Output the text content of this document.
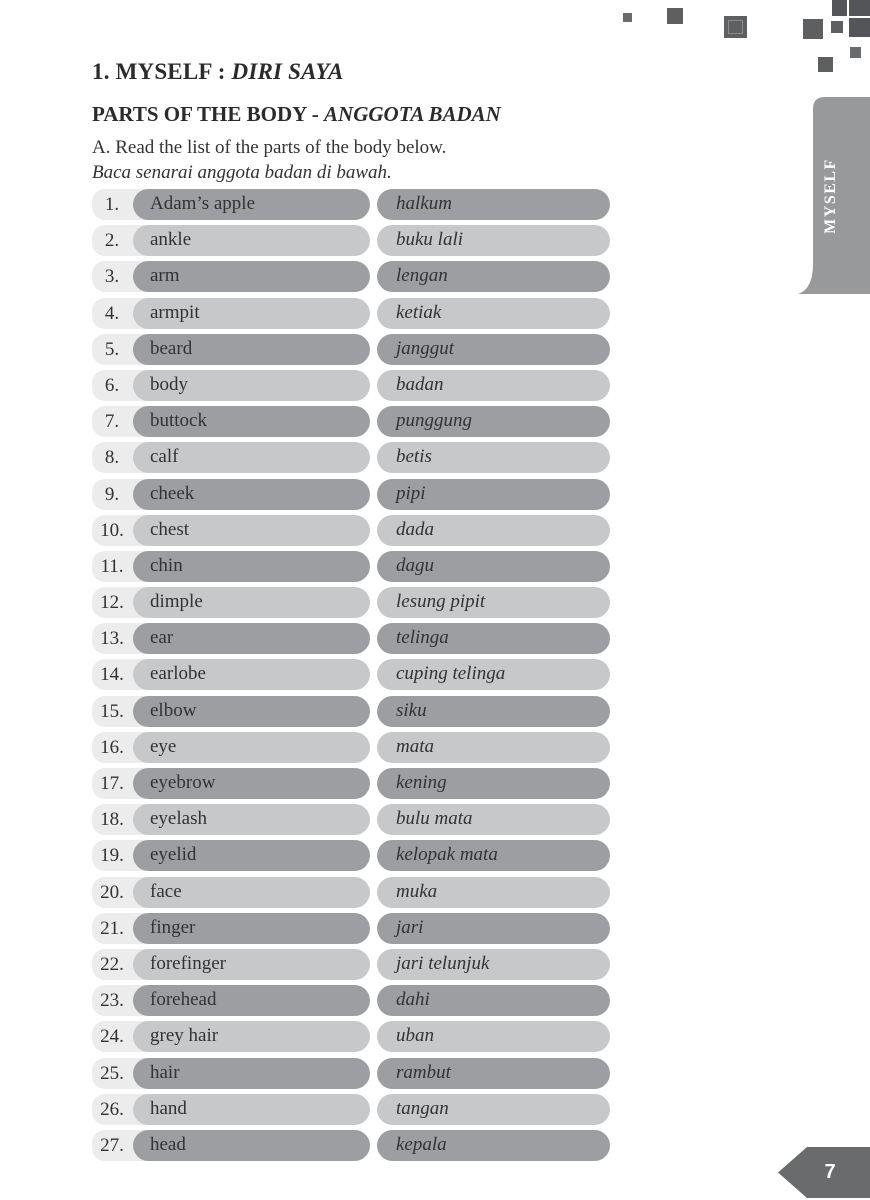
1. MYSELF : DIRI SAYA
PARTS OF THE BODY - ANGGOTA BADAN

A. Read the list of the parts of the body below.

Baca senarai anggota badan di bawah.

1.	Adam’s apple	halkum
2.	ankle	buku lali
3.	arm	lengan
4.	armpit	ketiak
5.	beard	janggut
6.	body	badan
7.	buttock	punggung
8.	calf	betis
9.	cheek	pipi
10.	chest	dada
11.	chin	dagu
12.	dimple	lesung pipit
13.	ear	telinga
14.	earlobe	cuping telinga
15.	elbow	siku
16.	eye	mata
17.	eyebrow	kening
18.	eyelash	bulu mata
19.	eyelid	kelopak mata
20.	face	muka
21.	finger	jari
22.	forefinger	jari telunjuk
23.	forehead	dahi
24.	grey hair	uban
25.	hair	rambut
26.	hand	tangan
27.	head	kepala
MYSELF
7
